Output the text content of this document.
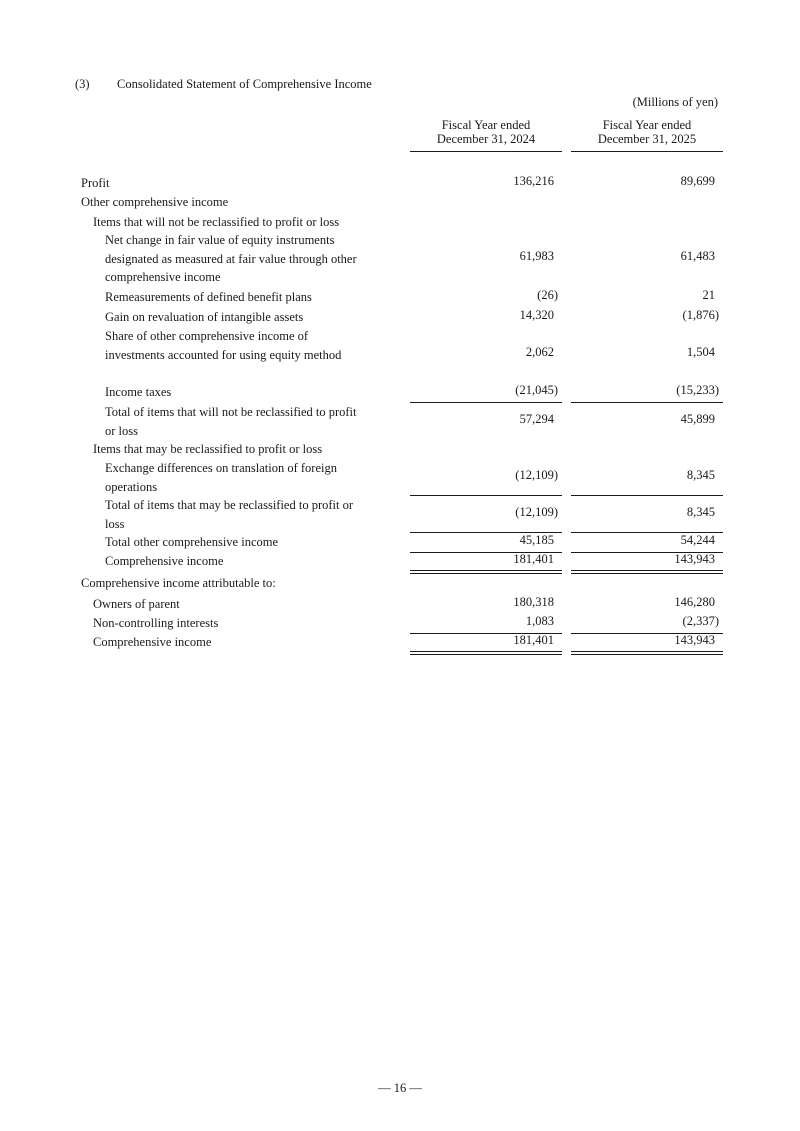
(3) Consolidated Statement of Comprehensive Income
(Millions of yen)
Fiscal Year ended
December 31, 2024
Fiscal Year ended
December 31, 2025
Profit	136,216	89,699
Other comprehensive income
Items that will not be reclassified to profit or loss
Net change in fair value of equity instruments designated as measured at fair value through other comprehensive income
61,983	61,483
Remeasurements of defined benefit plans	(26)	21
Gain on revaluation of intangible assets	14,320	(1,876)
Share of other comprehensive income of investments accounted for using equity method	2,062	1,504
Income taxes	(21,045)	(15,233)
Total of items that will not be reclassified to profit or loss
57,294	45,899
Items that may be reclassified to profit or loss
Exchange differences on translation of foreign operations
(12,109)	8,345
Total of items that may be reclassified to profit or loss
(12,109)	8,345
Total other comprehensive income	45,185	54,244
Comprehensive income	181,401	143,943
Comprehensive income attributable to:
Owners of parent	180,318	146,280
Non-controlling interests	1,083	(2,337)
Comprehensive income	181,401	143,943
— 16 —
